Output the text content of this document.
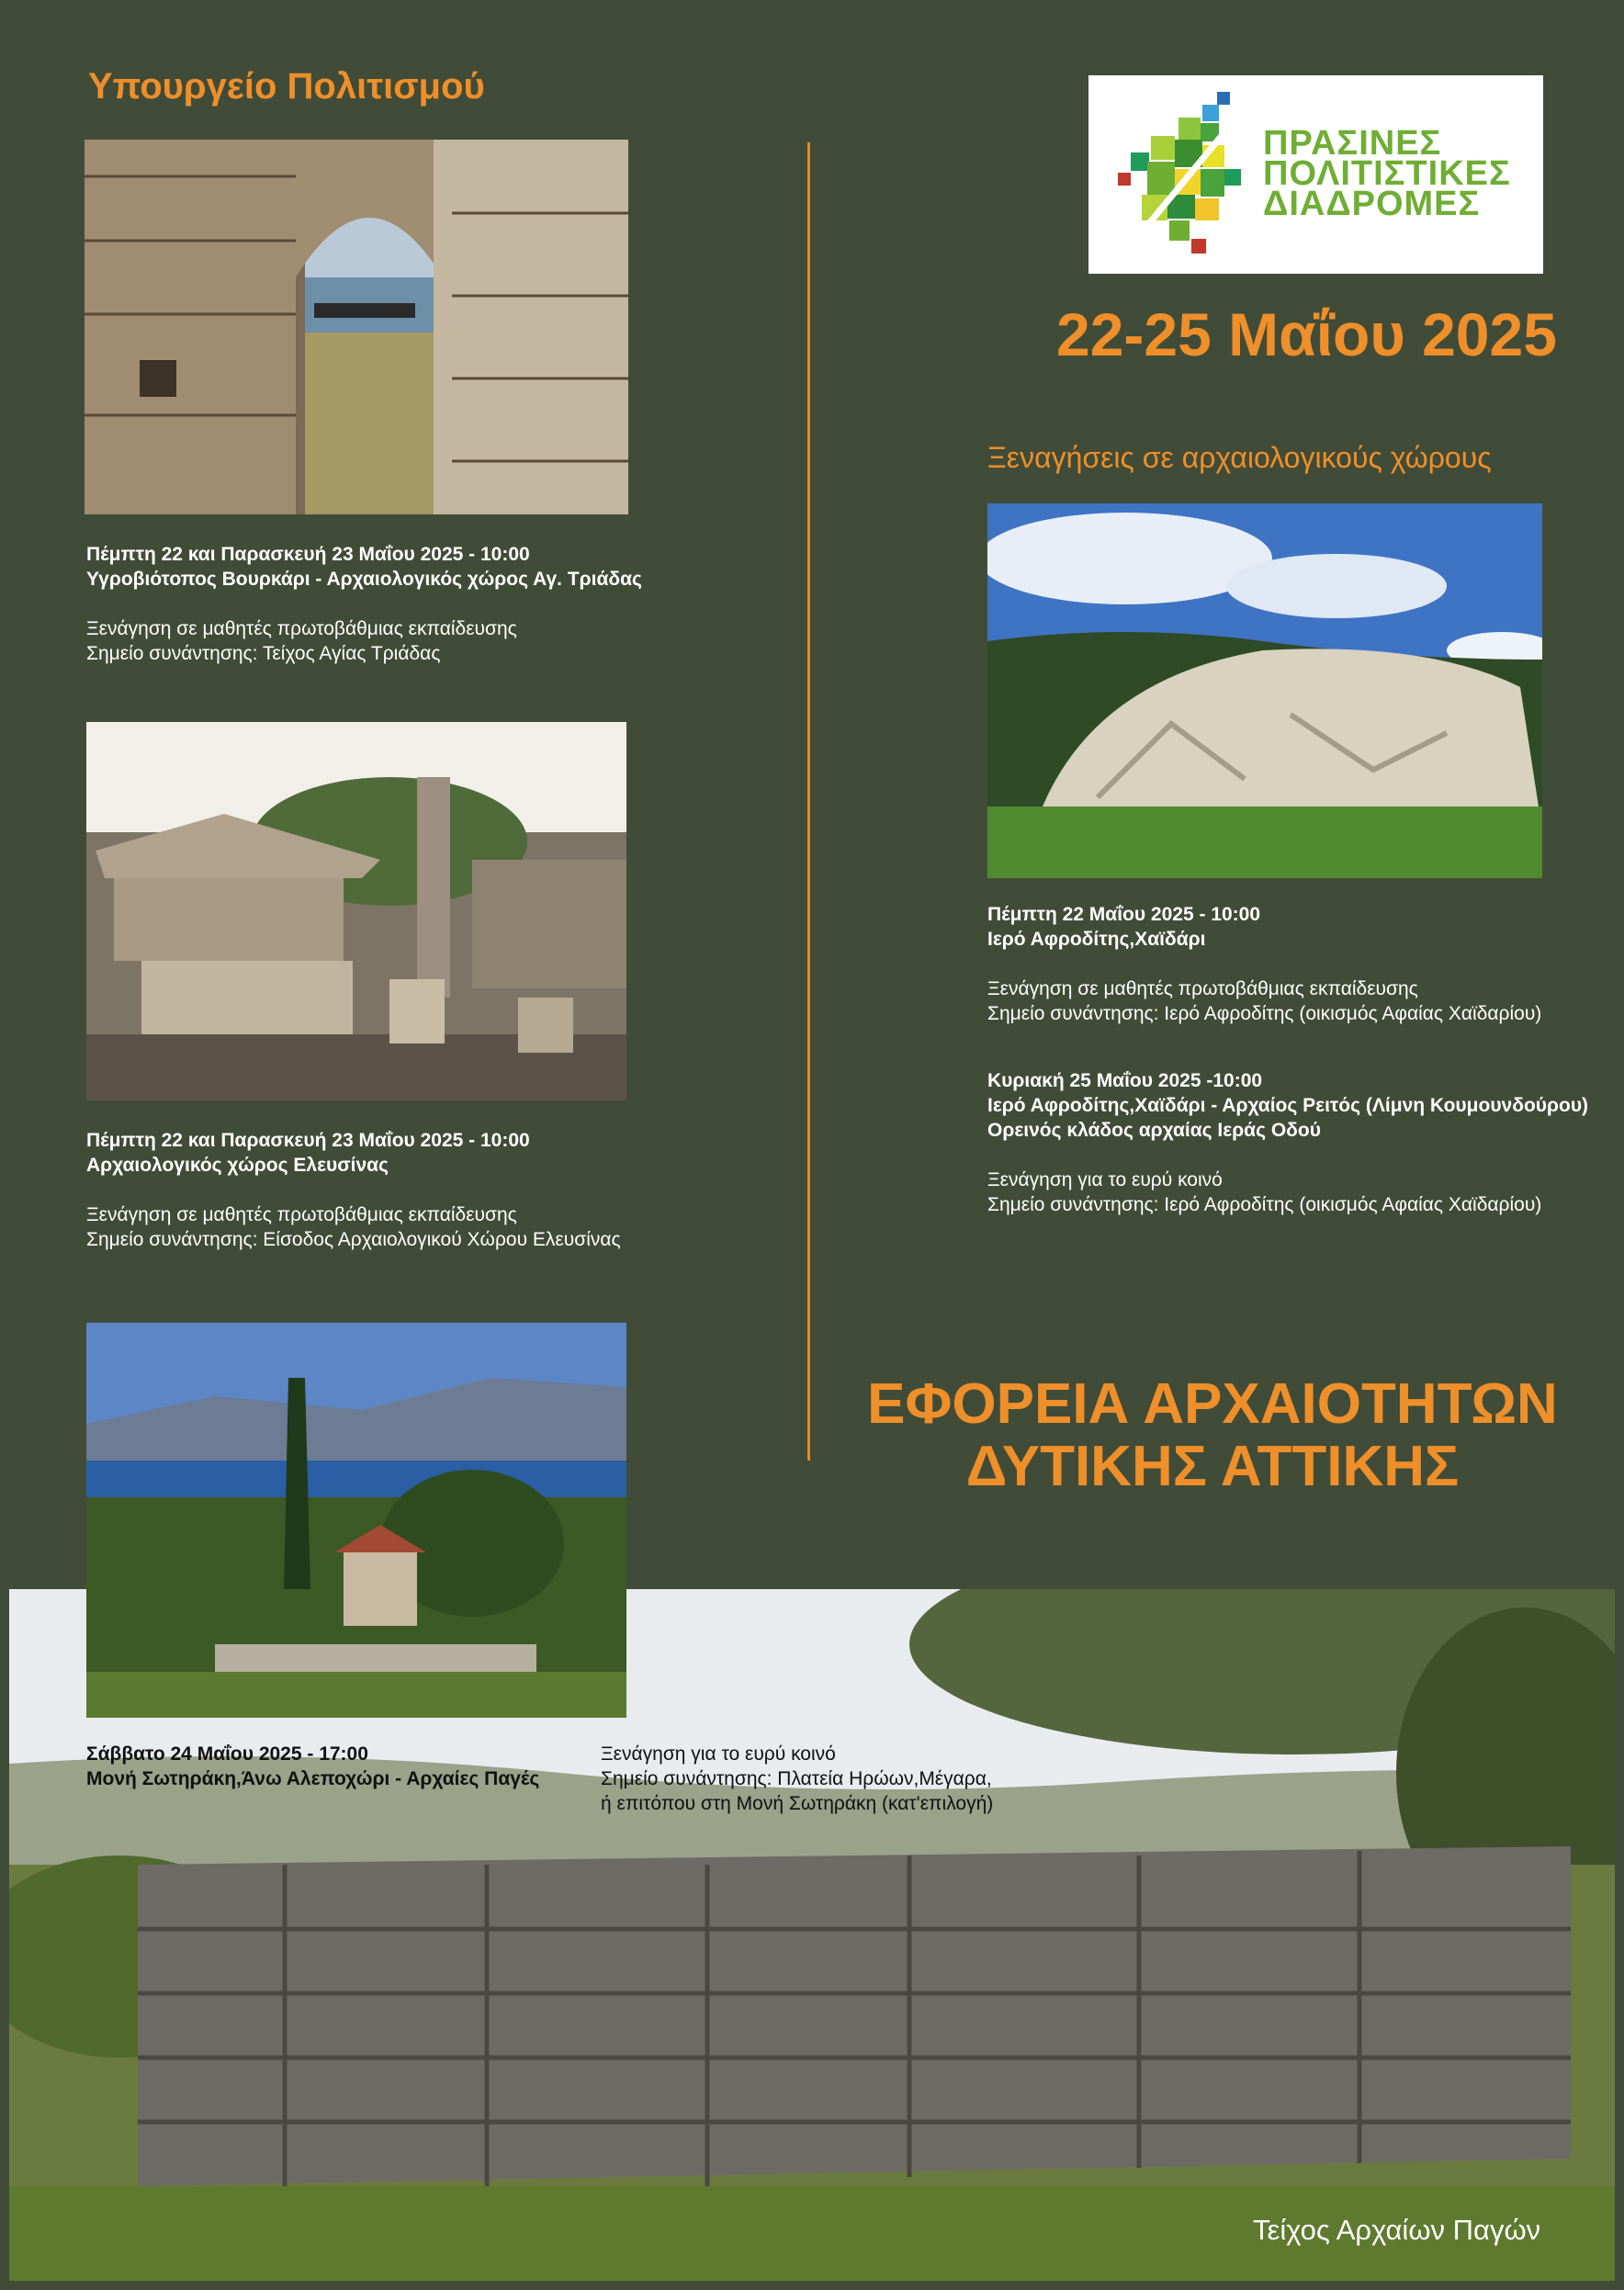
Υπουργείο Πολιτισμού
ΠΡΑΣΙΝΕΣ
ΠΟΛΙΤΙΣΤΙΚΕΣ
ΔΙΑΔΡΟΜΕΣ
22-25 Μαΐου 2025
Ξεναγήσεις σε αρχαιολογικούς χώρους
Πέμπτη 22 και Παρασκευή 23 Μαΐου 2025 - 10:00
Υγροβιότοπος Βουρκάρι - Αρχαιολογικός χώρος Αγ. Τριάδας
Ξενάγηση σε μαθητές πρωτοβάθμιας εκπαίδευσης
Σημείο συνάντησης: Τείχος Αγίας Τριάδας
Πέμπτη 22 και Παρασκευή 23 Μαΐου 2025 - 10:00
Αρχαιολογικός χώρος Ελευσίνας
Ξενάγηση σε μαθητές πρωτοβάθμιας εκπαίδευσης
Σημείο συνάντησης: Είσοδος Αρχαιολογικού Χώρου Ελευσίνας
Πέμπτη 22 Μαΐου 2025 - 10:00
Ιερό Αφροδίτης,Χαϊδάρι
Ξενάγηση σε μαθητές πρωτοβάθμιας εκπαίδευσης
Σημείο συνάντησης: Ιερό Αφροδίτης (οικισμός Αφαίας Χαϊδαρίου)
Κυριακή 25 Μαΐου 2025 -10:00
Ιερό Αφροδίτης,Χαϊδάρι - Αρχαίος Ρειτός (Λίμνη Κουμουνδούρου)
Ορεινός κλάδος αρχαίας Ιεράς Οδού
Ξενάγηση για το ευρύ κοινό
Σημείο συνάντησης: Ιερό Αφροδίτης (οικισμός Αφαίας Χαϊδαρίου)
ΕΦΟΡΕΙΑ ΑΡΧΑΙΟΤΗΤΩΝ
ΔΥΤΙΚΗΣ ΑΤΤΙΚΗΣ
Σάββατο 24 Μαΐου 2025 - 17:00
Μονή Σωτηράκη,Άνω Αλεποχώρι - Αρχαίες Παγές
Ξενάγηση για το ευρύ κοινό
Σημείο συνάντησης: Πλατεία Ηρώων,Μέγαρα,
ή επιτόπου στη Μονή Σωτηράκη (κατ'επιλογή)
Τείχος Αρχαίων Παγών
